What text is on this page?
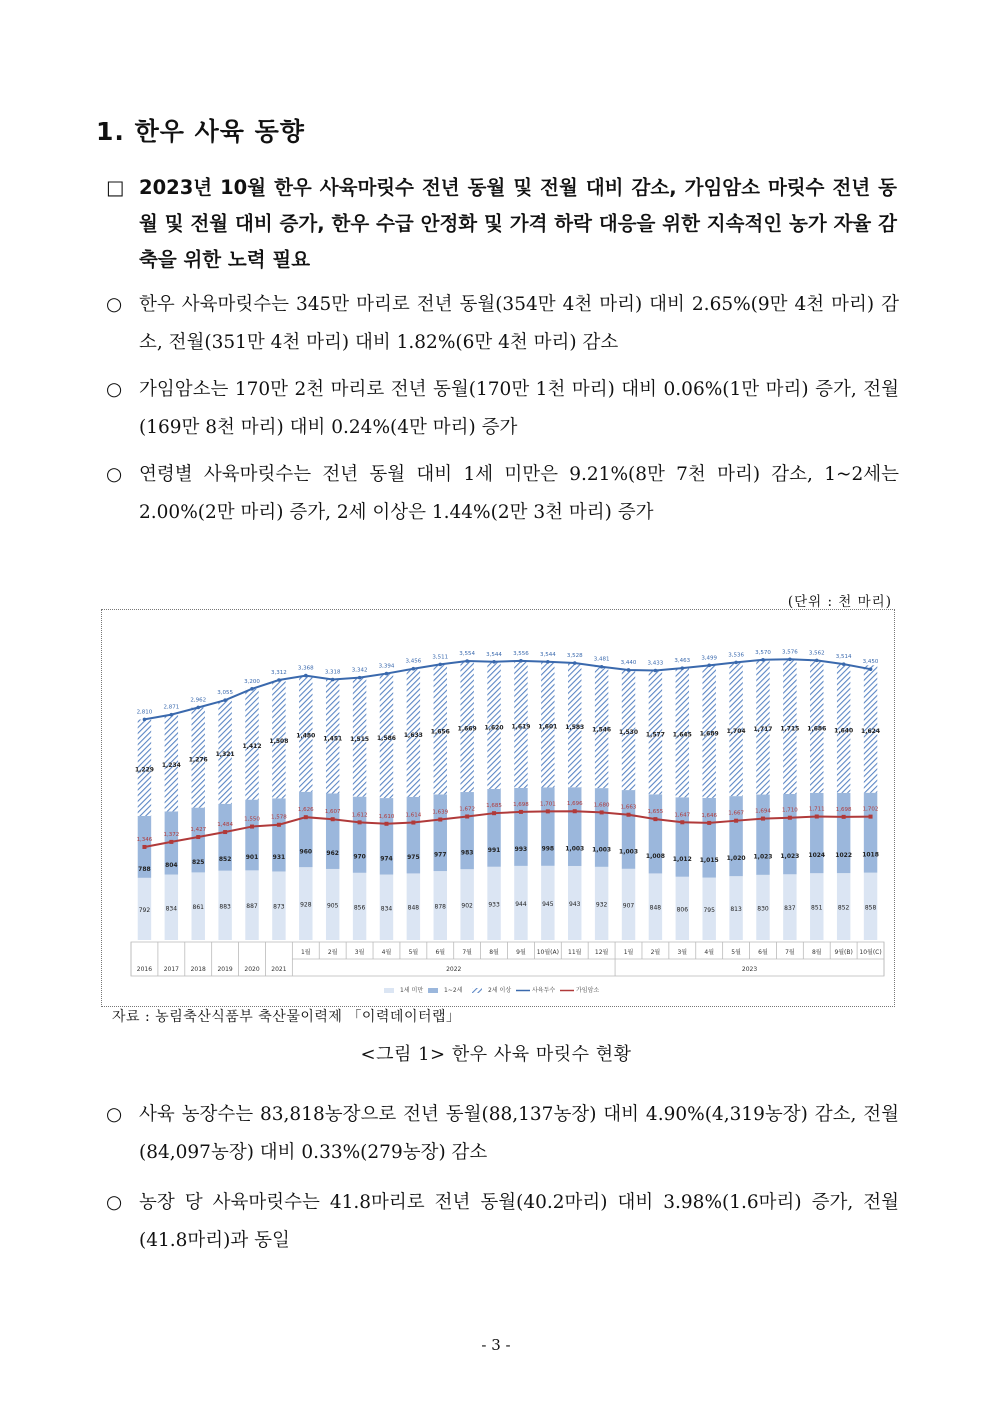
1. 한우 사육 동향
□ 2023년 10월 한우 사육마릿수 전년 동월 및 전월 대비 감소, 가임암소 마릿수 전년 동월 및 전월 대비 증가, 한우 수급 안정화 및 가격 하락 대응을 위한 지속적인 농가 자율 감축을 위한 노력 필요
○ 한우 사육마릿수는 345만 마리로 전년 동월(354만 4천 마리) 대비 2.65%(9만 4천 마리) 감소, 전월(351만 4천 마리) 대비 1.82%(6만 4천 마리) 감소
○ 가임암소는 170만 2천 마리로 전년 동월(170만 1천 마리) 대비 0.06%(1만 마리) 증가, 전월(169만 8천 마리) 대비 0.24%(4만 마리) 증가
○ 연령별 사육마릿수는 전년 동월 대비 1세 미만은 9.21%(8만 7천 마리) 감소, 1~2세는 2.00%(2만 마리) 증가, 2세 이상은 1.44%(2만 3천 마리) 증가
(단위 : 천 마리)
792
788
1,229
834
804
1,234
861
825
1,276
883
852
1,321
887
901
1,412
873
931
1,508
928
960
1,480
905
962
1,451
856
970
1,515
834
974
1,586
848
975
1,633
878
977
1,656
902
983
1,669
933
991
1,620
944
993
1,619
945
998
1,601
943
1,003
1,583
932
1,003
1,546
907
1,003
1,530
848
1,008
1,577
806
1,012
1,645
795
1,015
1,689
813
1,020
1,704
830
1,023
1,717
837
1,023
1,715
851
1024
1,686
852
1022
1,640
858
1018
1,624
2,810
2,871
2,962
3,055
3,200
3,312
3,368
3,318 3,342
3,394
3,456
3,511
3,554 3,544 3,556 3,544 3,528
3,481
3,440 3,433 3,463 3,499 3,536 3,570 3,576 3,562
3,514
3,450
1,346
1,372
1,427
1,484
1,550 1,578
1,626 1,607
1,612 1,610 1,614
1,639
1,672
1,685 1,698 1,701 1,696 1,680 1,663
1,655
1,647 1,646 1,667 1,694 1,710 1,711 1,698 1,702
2016 2017 2018 2019 2020 2021
1월	2월	3월	4월	5월	6월	7월	8월	9월 10월(A) 11월 12월	1월	2월	3월	4월	5월	6월	7월	8월 9월(B) 10월(C)
2022	2023
1세 미만	1~2세	2세 이상	사육두수	가임암소
자료 : 농림축산식품부 축산물이력제 「이력데이터랩」
<그림 1> 한우 사육 마릿수 현황
○ 사육 농장수는 83,818농장으로 전년 동월(88,137농장) 대비 4.90%(4,319농장) 감소, 전월(84,097농장) 대비 0.33%(279농장) 감소
○ 농장 당 사육마릿수는 41.8마리로 전년 동월(40.2마리) 대비 3.98%(1.6마리) 증가, 전월(41.8마리)과 동일
- 3 -
